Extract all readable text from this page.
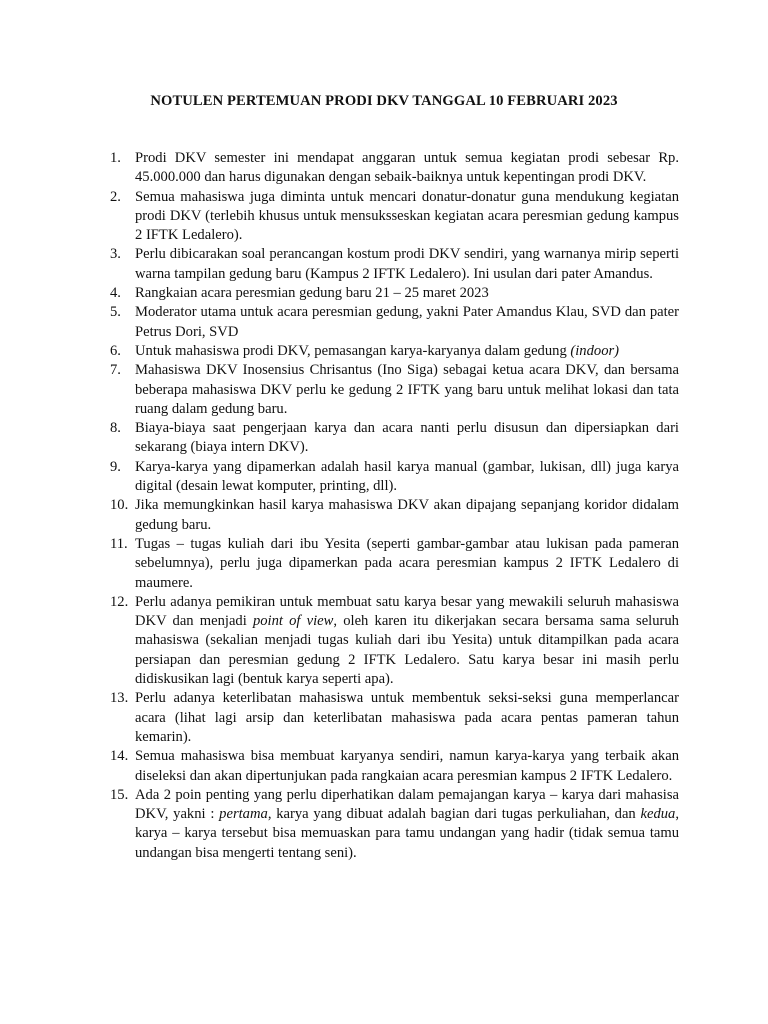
NOTULEN PERTEMUAN PRODI DKV TANGGAL 10 FEBRUARI 2023
1. Prodi DKV semester ini mendapat anggaran untuk semua kegiatan prodi sebesar Rp. 45.000.000 dan harus digunakan dengan sebaik-baiknya untuk kepentingan prodi DKV.
2. Semua mahasiswa juga diminta untuk mencari donatur-donatur guna mendukung kegiatan prodi DKV (terlebih khusus untuk mensuksseskan kegiatan acara peresmian gedung kampus 2 IFTK Ledalero).
3. Perlu dibicarakan soal perancangan kostum prodi DKV sendiri, yang warnanya mirip seperti warna tampilan gedung baru (Kampus 2 IFTK Ledalero). Ini usulan dari pater Amandus.
4. Rangkaian acara peresmian gedung baru 21 – 25 maret 2023
5. Moderator utama untuk acara peresmian gedung, yakni Pater Amandus Klau, SVD dan pater Petrus Dori, SVD
6. Untuk mahasiswa prodi DKV, pemasangan karya-karyanya dalam gedung (indoor)
7. Mahasiswa DKV Inosensius Chrisantus (Ino Siga) sebagai ketua acara DKV, dan bersama beberapa mahasiswa DKV perlu ke gedung 2 IFTK yang baru untuk melihat lokasi dan tata ruang dalam gedung baru.
8. Biaya-biaya saat pengerjaan karya dan acara nanti perlu disusun dan dipersiapkan dari sekarang (biaya intern DKV).
9. Karya-karya yang dipamerkan adalah hasil karya manual (gambar, lukisan, dll) juga karya digital (desain lewat komputer, printing, dll).
10. Jika memungkinkan hasil karya mahasiswa DKV akan dipajang sepanjang koridor didalam gedung baru.
11. Tugas – tugas kuliah dari ibu Yesita (seperti gambar-gambar atau lukisan pada pameran sebelumnya), perlu juga dipamerkan pada acara peresmian kampus 2 IFTK Ledalero di maumere.
12. Perlu adanya pemikiran untuk membuat satu karya besar yang mewakili seluruh mahasiswa DKV dan menjadi point of view, oleh karen itu dikerjakan secara bersama sama seluruh mahasiswa (sekalian menjadi tugas kuliah dari ibu Yesita) untuk ditampilkan pada acara persiapan dan peresmian gedung 2 IFTK Ledalero. Satu karya besar ini masih perlu didiskusikan lagi (bentuk karya seperti apa).
13. Perlu adanya keterlibatan mahasiswa untuk membentuk seksi-seksi guna memperlancar acara (lihat lagi arsip dan keterlibatan mahasiswa pada acara pentas pameran tahun kemarin).
14. Semua mahasiswa bisa membuat karyanya sendiri, namun karya-karya yang terbaik akan diseleksi dan akan dipertunjukan pada rangkaian acara peresmian kampus 2 IFTK Ledalero.
15. Ada 2 poin penting yang perlu diperhatikan dalam pemajangan karya – karya dari mahasisa DKV, yakni : pertama, karya yang dibuat adalah bagian dari tugas perkuliahan, dan kedua, karya – karya tersebut bisa memuaskan para tamu undangan yang hadir (tidak semua tamu undangan bisa mengerti tentang seni).
